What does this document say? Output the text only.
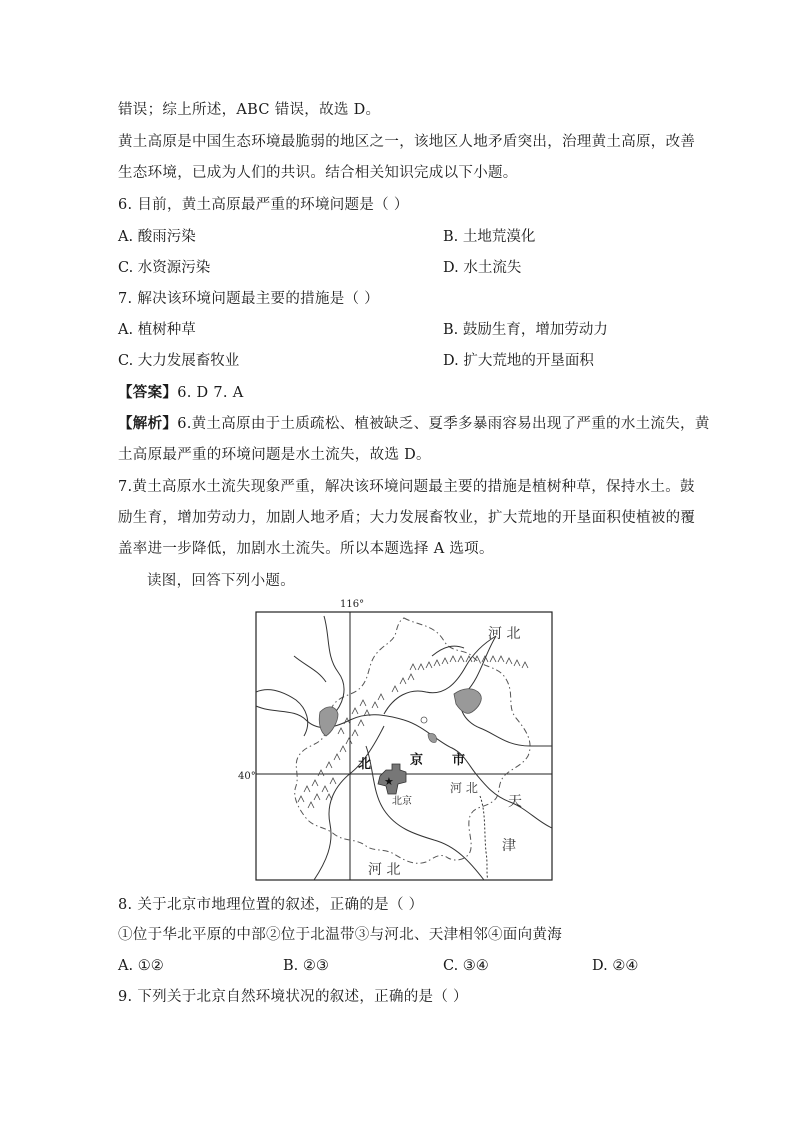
错误；综上所述，ABC 错误，故选 D。
黄土高原是中国生态环境最脆弱的地区之一，该地区人地矛盾突出，治理黄土高原，改善
生态环境，已成为人们的共识。结合相关知识完成以下小题。
6. 目前，黄土高原最严重的环境问题是（ ）
A. 酸雨污染	B. 土地荒漠化
C. 水资源污染	D. 水土流失
7. 解决该环境问题最主要的措施是（ ）
A. 植树种草	B. 鼓励生育，增加劳动力
C. 大力发展畜牧业	D. 扩大荒地的开垦面积
【答案】6. D 7. A
【解析】6.黄土高原由于土质疏松、植被缺乏、夏季多暴雨容易出现了严重的水土流失，黄
土高原最严重的环境问题是水土流失，故选 D。
7.黄土高原水土流失现象严重，解决该环境问题最主要的措施是植树种草，保持水土。鼓
励生育，增加劳动力，加剧人地矛盾；大力发展畜牧业，扩大荒地的开垦面积使植被的覆
盖率进一步降低，加剧水土流失。所以本题选择 A 选项。
读图，回答下列小题。
116°
40°	★
河 北
北	京 市
北京
河 北
天
津
河 北
8. 关于北京市地理位置的叙述，正确的是（ ）
①位于华北平原的中部②位于北温带③与河北、天津相邻④面向黄海
A. ①②	B. ②③	C. ③④	D. ②④
9. 下列关于北京自然环境状况的叙述，正确的是（ ）
